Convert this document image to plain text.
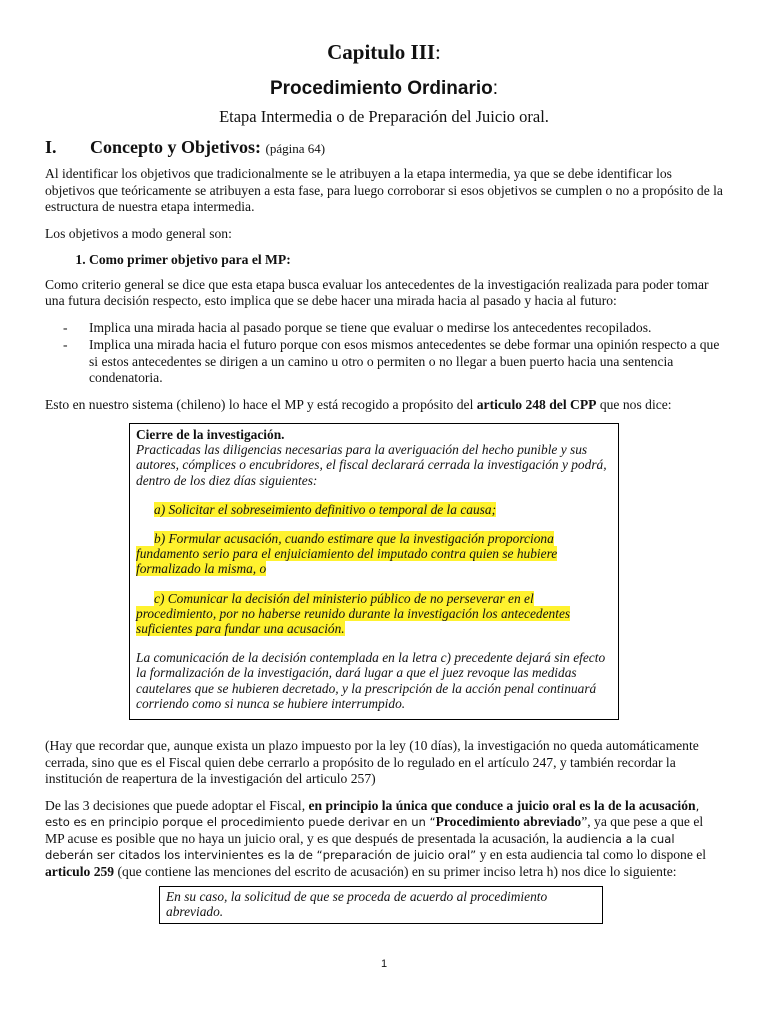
Capitulo III:
Procedimiento Ordinario:
Etapa Intermedia o de Preparación del Juicio oral.
I. Concepto y Objetivos: (página 64)

Al identificar los objetivos que tradicionalmente se le atribuyen a la etapa intermedia, ya que se debe identificar los objetivos que teóricamente se atribuyen a esta fase, para luego corroborar si esos objetivos se cumplen o no a propósito de la estructura de nuestra etapa intermedia.

Los objetivos a modo general son:

1. Como primer objetivo para el MP:

Como criterio general se dice que esta etapa busca evaluar los antecedentes de la investigación realizada para poder tomar una futura decisión respecto, esto implica que se debe hacer una mirada hacia al pasado y hacia al futuro:

- Implica una mirada hacia al pasado porque se tiene que evaluar o medirse los antecedentes recopilados.
- Implica una mirada hacia el futuro porque con esos mismos antecedentes se debe formar una opinión respecto a que si estos antecedentes se dirigen a un camino u otro o permiten o no llegar a buen puerto hacia una sentencia condenatoria.

Esto en nuestro sistema (chileno) lo hace el MP y está recogido a propósito del articulo 248 del CPP que nos dice:

Cierre de la investigación.
Practicadas las diligencias necesarias para la averiguación del hecho punible y sus autores, cómplices o encubridores, el fiscal declarará cerrada la investigación y podrá, dentro de los diez días siguientes:
a) Solicitar el sobreseimiento definitivo o temporal de la causa;
b) Formular acusación, cuando estimare que la investigación proporciona fundamento serio para el enjuiciamiento del imputado contra quien se hubiere formalizado la misma, o
c) Comunicar la decisión del ministerio público de no perseverar en el procedimiento, por no haberse reunido durante la investigación los antecedentes suficientes para fundar una acusación.
La comunicación de la decisión contemplada en la letra c) precedente dejará sin efecto la formalización de la investigación, dará lugar a que el juez revoque las medidas cautelares que se hubieren decretado, y la prescripción de la acción penal continuará corriendo como si nunca se hubiere interrumpido.

(Hay que recordar que, aunque exista un plazo impuesto por la ley (10 días), la investigación no queda automáticamente cerrada, sino que es el Fiscal quien debe cerrarlo a propósito de lo regulado en el artículo 247, y también recordar la institución de reapertura de la investigación del articulo 257)

De las 3 decisiones que puede adoptar el Fiscal, en principio la única que conduce a juicio oral es la de la acusación, esto es en principio porque el procedimiento puede derivar en un “Procedimiento abreviado”, ya que pese a que el MP acuse es posible que no haya un juicio oral, y es que después de presentada la acusación, la audiencia a la cual deberán ser citados los intervinientes es la de “preparación de juicio oral” y en esta audiencia tal como lo dispone el articulo 259 (que contiene las menciones del escrito de acusación) en su primer inciso letra h) nos dice lo siguiente:

En su caso, la solicitud de que se proceda de acuerdo al procedimiento abreviado.
1
